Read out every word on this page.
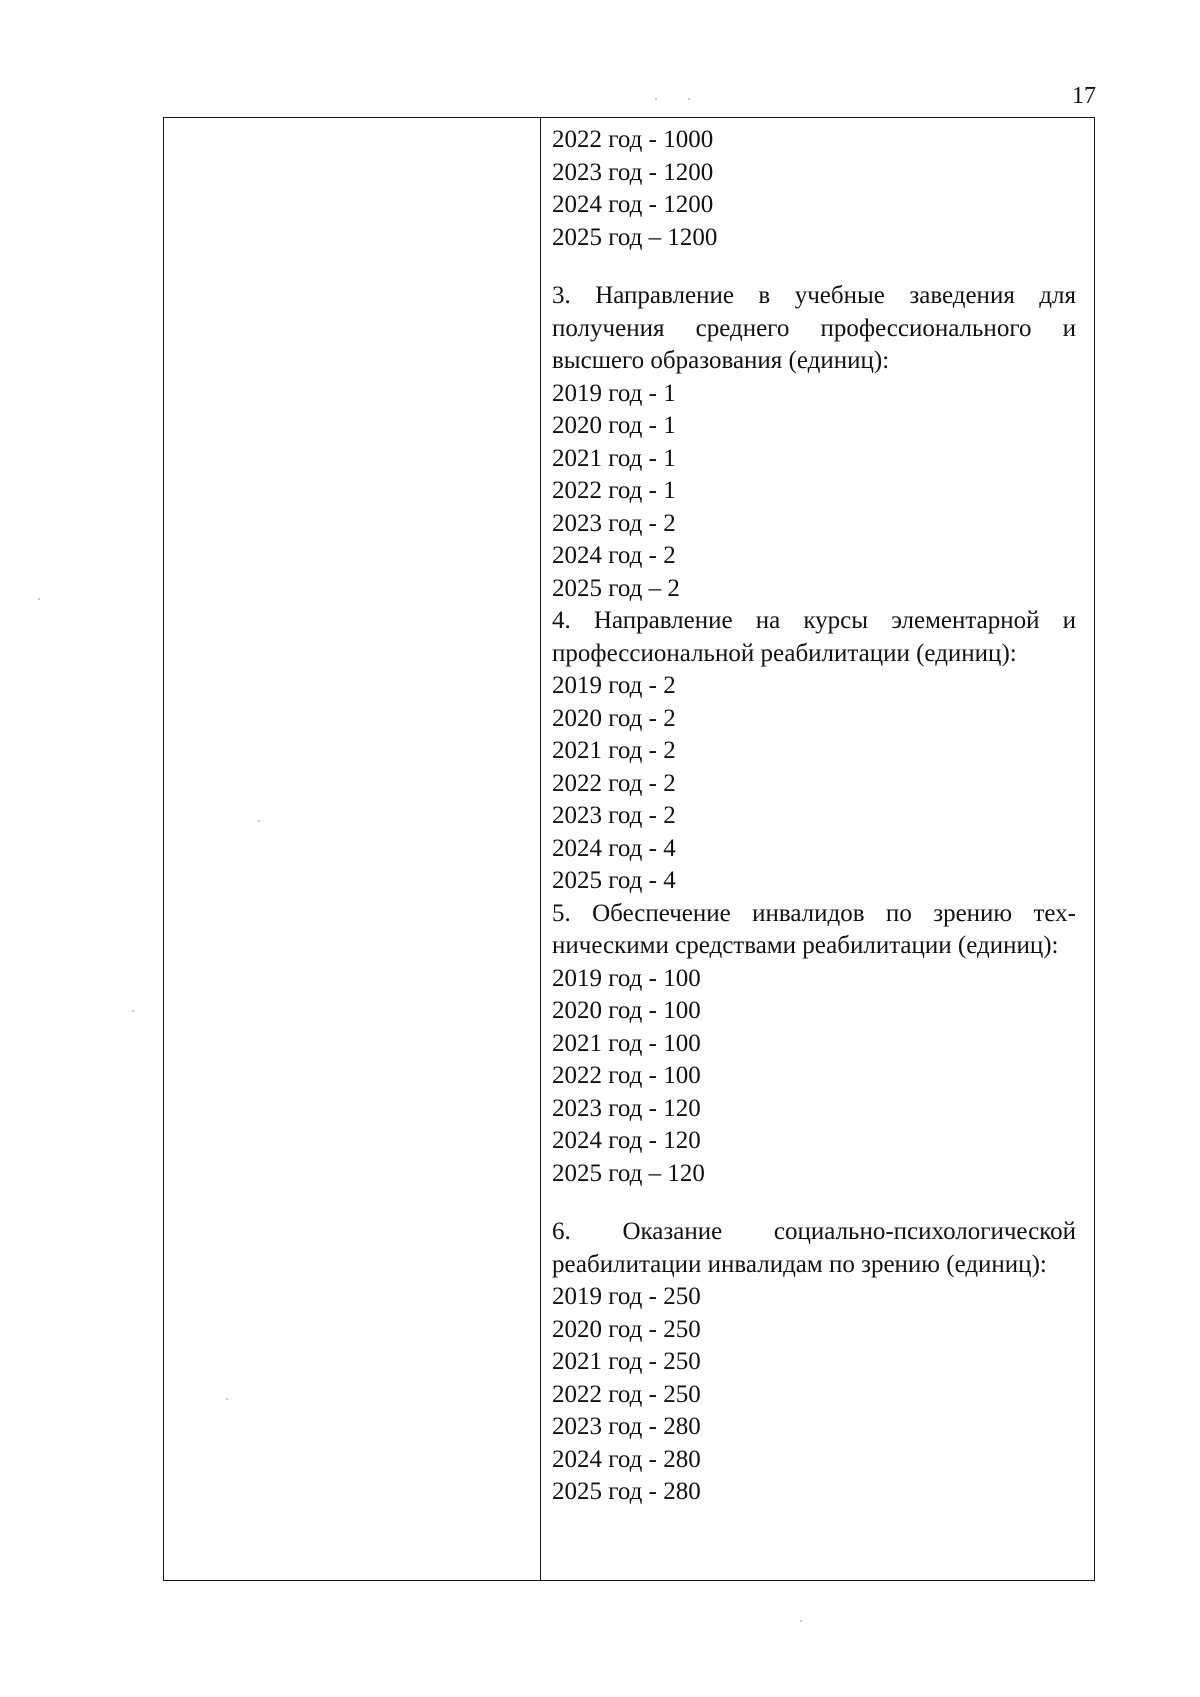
17
2022 год - 1000
2023 год - 1200
2024 год - 1200
2025 год – 1200
3. Направление в учебные заведения для получения среднего профессионального и высшего образования (единиц):
2019 год - 1
2020 год - 1
2021 год - 1
2022 год - 1
2023 год - 2
2024 год - 2
2025 год – 2
4. Направление на курсы элементарной и профессиональной реабилитации (единиц):
2019 год - 2
2020 год - 2
2021 год - 2
2022 год - 2
2023 год - 2
2024 год - 4
2025 год - 4
5. Обеспечение инвалидов по зрению техническими средствами реабилитации (единиц):
2019 год - 100
2020 год - 100
2021 год - 100
2022 год - 100
2023 год - 120
2024 год - 120
2025 год – 120
6. Оказание социально-психологической реабилитации инвалидам по зрению (единиц):
2019 год - 250
2020 год - 250
2021 год - 250
2022 год - 250
2023 год - 280
2024 год - 280
2025 год - 280
